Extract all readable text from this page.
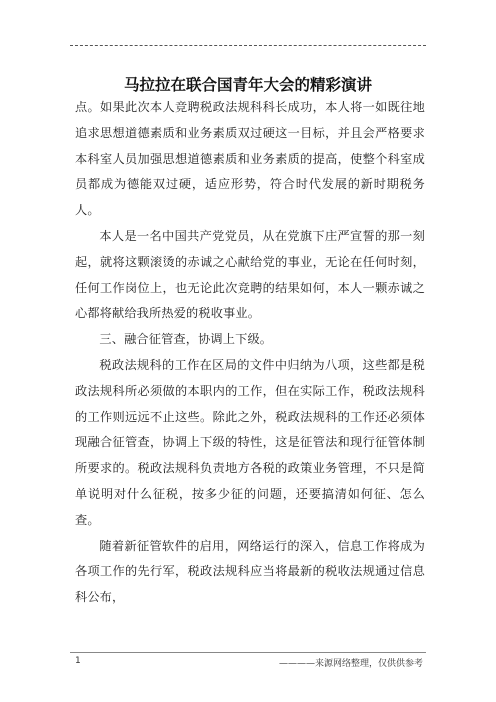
马拉拉在联合国青年大会的精彩演讲

点。如果此次本人竞聘税政法规科科长成功，本人将一如既往地追求思想道德素质和业务素质双过硬这一目标，并且会严格要求本科室人员加强思想道德素质和业务素质的提高，使整个科室成员都成为德能双过硬，适应形势，符合时代发展的新时期税务人。

本人是一名中国共产党党员，从在党旗下庄严宣誓的那一刻起，就将这颗滚烫的赤诚之心献给党的事业，无论在任何时刻，任何工作岗位上，也无论此次竞聘的结果如何，本人一颗赤诚之心都将献给我所热爱的税收事业。

三、融合征管查，协调上下级。

税政法规科的工作在区局的文件中归纳为八项，这些都是税政法规科所必须做的本职内的工作，但在实际工作，税政法规科的工作则远远不止这些。除此之外，税政法规科的工作还必须体现融合征管查，协调上下级的特性，这是征管法和现行征管体制所要求的。税政法规科负责地方各税的政策业务管理，不只是简单说明对什么征税，按多少征的问题，还要搞清如何征、怎么查。

随着新征管软件的启用，网络运行的深入，信息工作将成为各项工作的先行军，税政法规科应当将最新的税收法规通过信息科公布，

1	————来源网络整理，仅供供参考
